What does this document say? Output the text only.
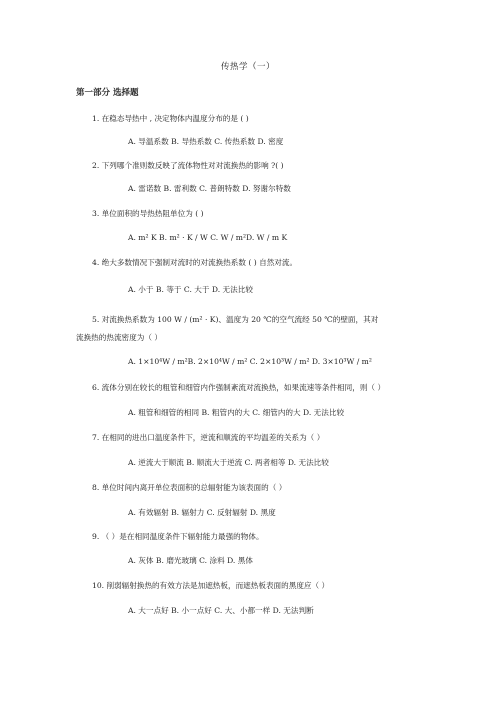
传热学（一）
第一部分 选择题
1. 在稳态导热中 , 决定物体内温度分布的是 ( )
A. 导温系数 B. 导热系数 C. 传热系数 D. 密度
2. 下列哪个准则数反映了流体物性对对流换热的影响 ?( )
A. 雷诺数 B. 雷利数 C. 普朗特数 D. 努谢尔特数
3. 单位面积的导热热阻单位为 ( )
A. m² K B. m² · K / W C. W / m²D. W / m K
4. 绝大多数情况下强制对流时的对流换热系数 ( ) 自然对流。
A. 小于 B. 等于 C. 大于 D. 无法比较
5. 对流换热系数为 100 W / (m² · K)、温度为 20 ℃的空气流经 50 ℃的壁面，其对
流换热的热流密度为（ ）
A. 1×10⁴W / m²B. 2×10⁴W / m² C. 2×10³W / m² D. 3×10³W / m²
6. 流体分别在较长的粗管和细管内作强制紊流对流换热，如果流速等条件相同，则（ ）
A. 粗管和细管的相同 B. 粗管内的大 C. 细管内的大 D. 无法比较
7. 在相同的进出口温度条件下，逆流和顺流的平均温差的关系为（ ）
A. 逆流大于顺流 B. 顺流大于逆流 C. 两者相等 D. 无法比较
8. 单位时间内离开单位表面积的总辐射能为该表面的（ ）
A. 有效辐射 B. 辐射力 C. 反射辐射 D. 黑度
9. （ ）是在相同温度条件下辐射能力最强的物体。
A. 灰体 B. 磨光玻璃 C. 涂料 D. 黑体
10. 削弱辐射换热的有效方法是加遮热板，而遮热板表面的黑度应（ ）
A. 大一点好 B. 小一点好 C. 大、小都一样 D. 无法判断
